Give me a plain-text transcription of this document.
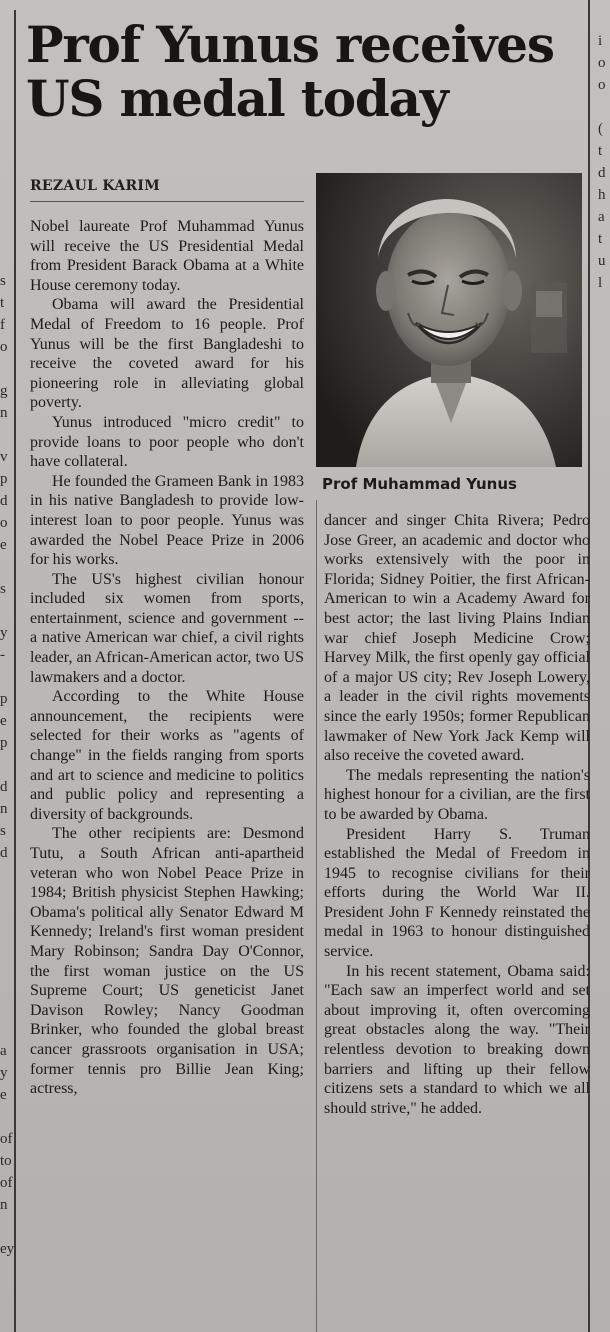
s
t
f
o

g
n

v
p
d
o
e

s

y
-

p
e
p

d
n
s
d

a
y
e

of
to
of
n

ey
i
o
o

(
t
d
h
a
t
u
l
Prof Yunus receives
US medal today
REZAUL KARIM

Nobel laureate Prof Muhammad Yunus will receive the US Presidential Medal from President Barack Obama at a White House ceremony today.

Obama will award the Presidential Medal of Freedom to 16 people. Prof Yunus will be the first Bangladeshi to receive the coveted award for his pioneering role in alleviating global poverty.

Yunus introduced "micro credit" to provide loans to poor people who don't have collateral.

He founded the Grameen Bank in 1983 in his native Bangladesh to provide low-interest loan to poor people. Yunus was awarded the Nobel Peace Prize in 2006 for his works.

The US's highest civilian honour included six women from sports, entertainment, science and government -- a native American war chief, a civil rights leader, an African-American actor, two US lawmakers and a doctor.

According to the White House announcement, the recipients were selected for their works as "agents of change" in the fields ranging from sports and art to science and medicine to politics and public policy and representing a diversity of backgrounds.

The other recipients are: Desmond Tutu, a South African anti-apartheid veteran who won Nobel Peace Prize in 1984; British physicist Stephen Hawking; Obama's political ally Senator Edward M Kennedy; Ireland's first woman president Mary Robinson; Sandra Day O'Connor, the first woman justice on the US Supreme Court; US geneticist Janet Davison Rowley; Nancy Goodman Brinker, who founded the global breast cancer grassroots organisation in USA; former tennis pro Billie Jean King; actress,

Prof Muhammad Yunus

dancer and singer Chita Rivera; Pedro Jose Greer, an academic and doctor who works extensively with the poor in Florida; Sidney Poitier, the first African-American to win a Academy Award for best actor; the last living Plains Indian war chief Joseph Medicine Crow; Harvey Milk, the first openly gay official of a major US city; Rev Joseph Lowery, a leader in the civil rights movements since the early 1950s; former Republican lawmaker of New York Jack Kemp will also receive the coveted award.

The medals representing the nation's highest honour for a civilian, are the first to be awarded by Obama.

President Harry S. Truman established the Medal of Freedom in 1945 to recognise civilians for their efforts during the World War II. President John F Kennedy reinstated the medal in 1963 to honour distinguished service.

In his recent statement, Obama said: "Each saw an imperfect world and set about improving it, often overcoming great obstacles along the way. "Their relentless devotion to breaking down barriers and lifting up their fellow citizens sets a standard to which we all should strive," he added.
